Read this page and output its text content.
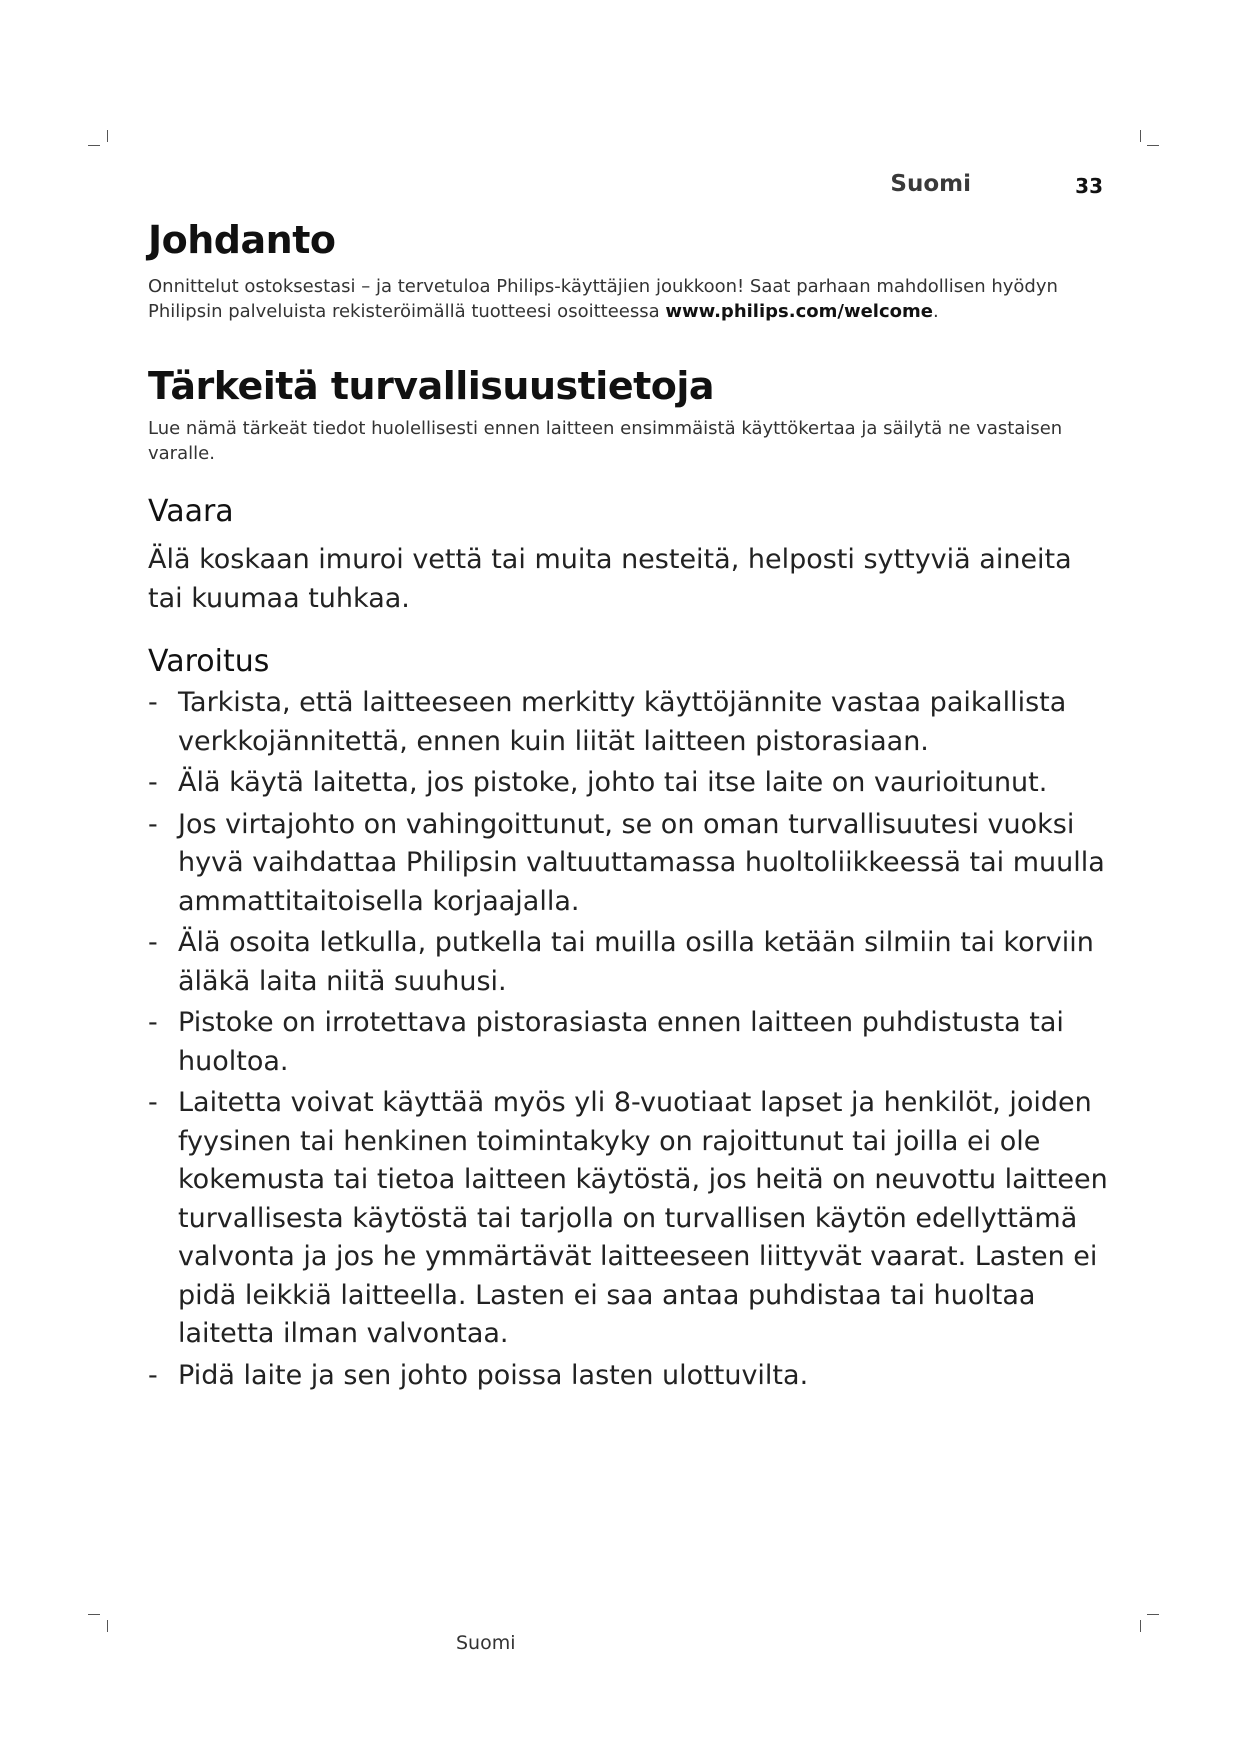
Suomi	33
Johdanto

Onnittelut ostoksestasi – ja tervetuloa Philips-käyttäjien joukkoon! Saat parhaan mahdollisen hyödyn Philipsin palveluista rekisteröimällä tuotteesi osoitteessa www.philips.com/welcome.

Tärkeitä turvallisuustietoja

Lue nämä tärkeät tiedot huolellisesti ennen laitteen ensimmäistä käyttökertaa ja säilytä ne vastaisen varalle.

Vaara

Älä koskaan imuroi vettä tai muita nesteitä, helposti syttyviä aineita tai kuumaa tuhkaa.

Varoitus
- Tarkista, että laitteeseen merkitty käyttöjännite vastaa paikallista verkkojännitettä, ennen kuin liität laitteen pistorasiaan.
- Älä käytä laitetta, jos pistoke, johto tai itse laite on vaurioitunut.
- Jos virtajohto on vahingoittunut, se on oman turvallisuutesi vuoksi hyvä vaihdattaa Philipsin valtuuttamassa huoltoliikkeessä tai muulla ammattitaitoisella korjaajalla.
- Älä osoita letkulla, putkella tai muilla osilla ketään silmiin tai korviin äläkä laita niitä suuhusi.
- Pistoke on irrotettava pistorasiasta ennen laitteen puhdistusta tai huoltoa.
- Laitetta voivat käyttää myös yli 8-vuotiaat lapset ja henkilöt, joiden fyysinen tai henkinen toimintakyky on rajoittunut tai joilla ei ole kokemusta tai tietoa laitteen käytöstä, jos heitä on neuvottu laitteen turvallisesta käytöstä tai tarjolla on turvallisen käytön edellyttämä valvonta ja jos he ymmärtävät laitteeseen liittyvät vaarat. Lasten ei pidä leikkiä laitteella. Lasten ei saa antaa puhdistaa tai huoltaa laitetta ilman valvontaa.
- Pidä laite ja sen johto poissa lasten ulottuvilta.
Suomi
